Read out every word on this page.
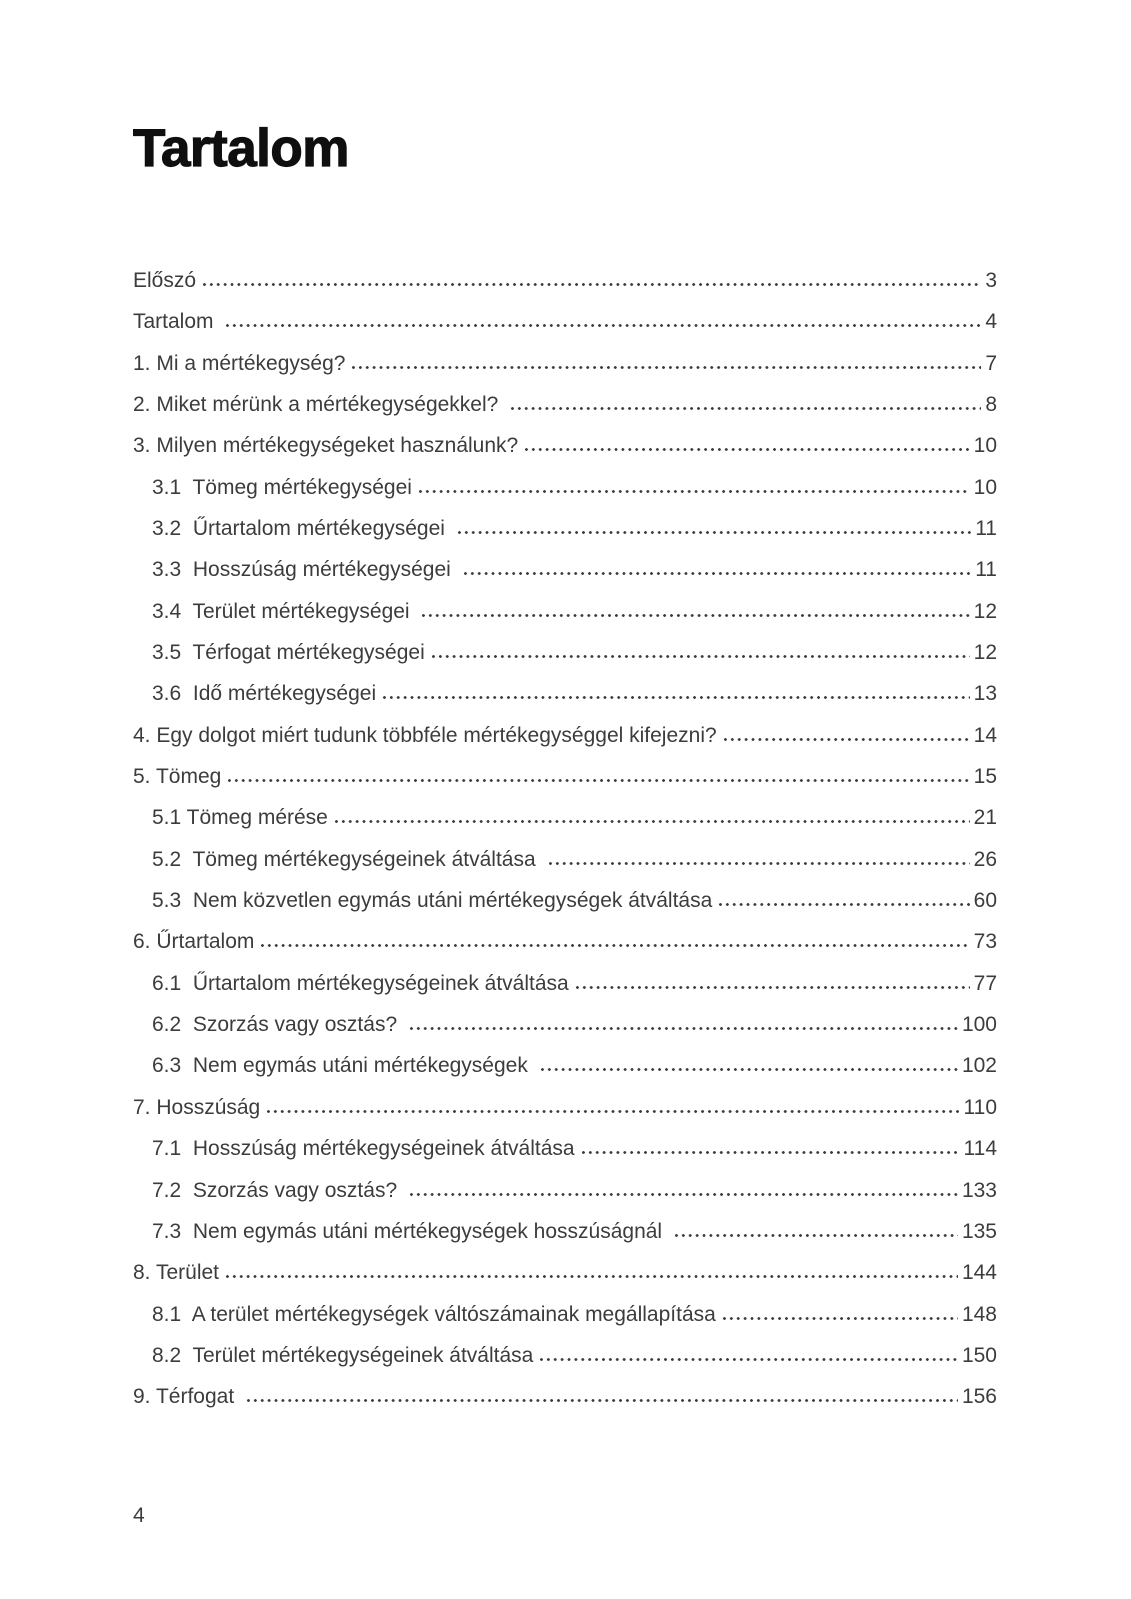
Tartalom
Előszó	3
Tartalom	4
1. Mi a mértékegység?	7
2. Miket mérünk a mértékegységekkel?	8
3. Milyen mértékegységeket használunk?	10
3.1  Tömeg mértékegységei	10
3.2  Űrtartalom mértékegységei	11
3.3  Hosszúság mértékegységei	11
3.4  Terület mértékegységei	12
3.5  Térfogat mértékegységei	12
3.6  Idő mértékegységei	13
4. Egy dolgot miért tudunk többféle mértékegységgel kifejezni?	14
5. Tömeg	15
5.1 Tömeg mérése	21
5.2  Tömeg mértékegységeinek átváltása	26
5.3  Nem közvetlen egymás utáni mértékegységek átváltása	60
6. Űrtartalom	73
6.1  Űrtartalom mértékegységeinek átváltása	77
6.2  Szorzás vagy osztás?	100
6.3  Nem egymás utáni mértékegységek	102
7. Hosszúság	110
7.1  Hosszúság mértékegységeinek átváltása	114
7.2  Szorzás vagy osztás?	133
7.3  Nem egymás utáni mértékegységek hosszúságnál	135
8. Terület	144
8.1  A terület mértékegységek váltószámainak megállapítása	148
8.2  Terület mértékegységeinek átváltása	150
9. Térfogat	156
4
